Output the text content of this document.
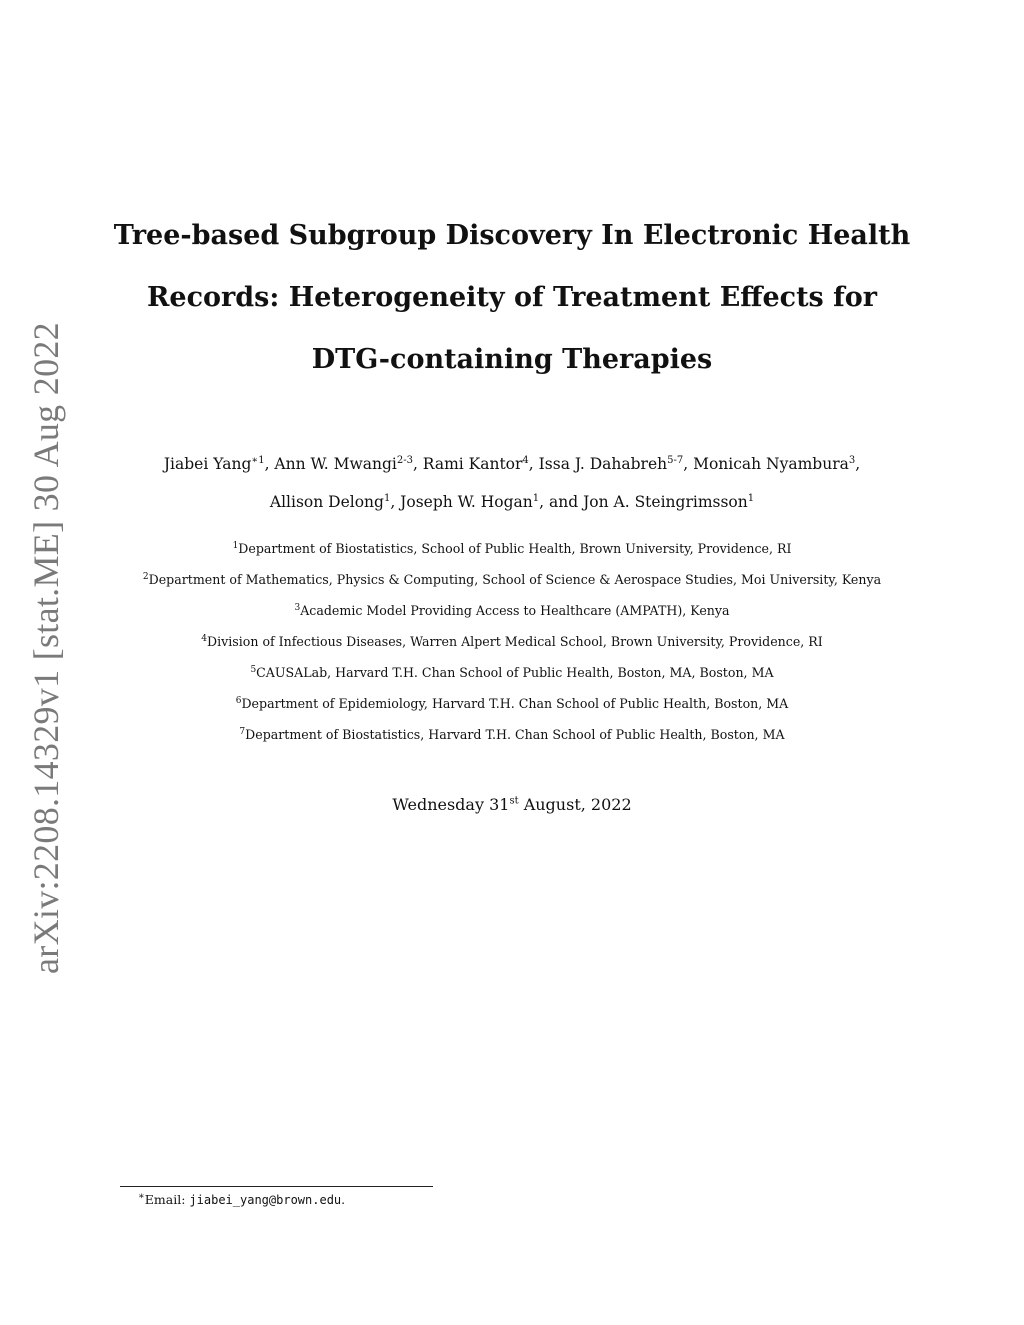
arXiv:2208.14329v1 [stat.ME] 30 Aug 2022
Tree-based Subgroup Discovery In Electronic Health
Records: Heterogeneity of Treatment Effects for
DTG-containing Therapies
Jiabei Yang$^{∗1}$, Ann W. Mwangi$^{2-3}$, Rami Kantor$^4$, Issa J. Dahabreh$^{5-7}$, Monicah Nyambura$^3$,
Allison Delong$^1$, Joseph W. Hogan$^1$, and Jon A. Steingrimsson$^1$
$^1$Department of Biostatistics, School of Public Health, Brown University, Providence, RI
$^2$Department of Mathematics, Physics & Computing, School of Science & Aerospace Studies, Moi University, Kenya
$^3$Academic Model Providing Access to Healthcare (AMPATH), Kenya
$^4$Division of Infectious Diseases, Warren Alpert Medical School, Brown University, Providence, RI
$^5$CAUSALab, Harvard T.H. Chan School of Public Health, Boston, MA, Boston, MA
$^6$Department of Epidemiology, Harvard T.H. Chan School of Public Health, Boston, MA
$^7$Department of Biostatistics, Harvard T.H. Chan School of Public Health, Boston, MA
Wednesday 31st August, 2022
∗Email: jiabei_yang@brown.edu.
